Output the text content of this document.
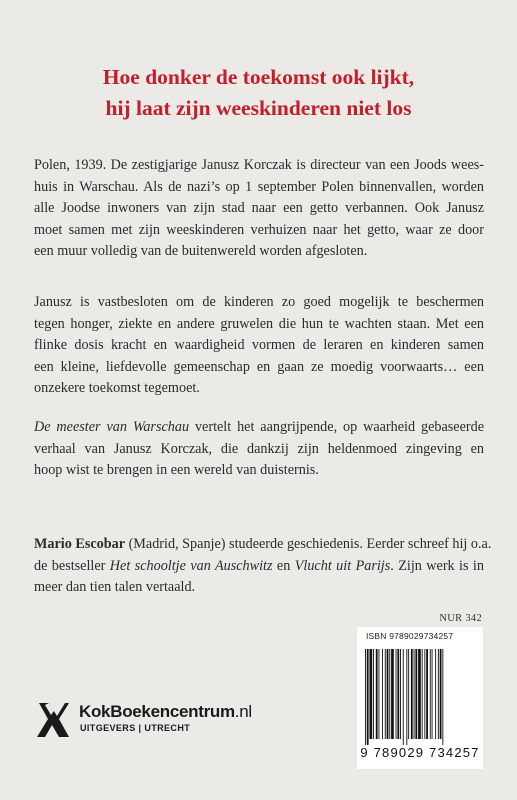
Hoe donker de toekomst ook lijkt,
hij laat zijn weeskinderen niet los
Polen, 1939. De zestigjarige Janusz Korczak is directeur van een Joods wees-
huis in Warschau. Als de nazi’s op 1 september Polen binnenvallen, worden
alle Joodse inwoners van zijn stad naar een getto verbannen. Ook Janusz
moet samen met zijn weeskinderen verhuizen naar het getto, waar ze door
een muur volledig van de buitenwereld worden afgesloten.
Janusz is vastbesloten om de kinderen zo goed mogelijk te beschermen
tegen honger, ziekte en andere gruwelen die hun te wachten staan. Met een
flinke dosis kracht en waardigheid vormen de leraren en kinderen samen
een kleine, liefdevolle gemeenschap en gaan ze moedig voorwaarts… een
onzekere toekomst tegemoet.
De meester van Warschau vertelt het aangrijpende, op waarheid gebaseerde
verhaal van Janusz Korczak, die dankzij zijn heldenmoed zingeving en
hoop wist te brengen in een wereld van duisternis.
Mario Escobar (Madrid, Spanje) studeerde geschiedenis. Eerder schreef hij o.a.
de bestseller Het schooltje van Auschwitz en Vlucht uit Parijs. Zijn werk is in
meer dan tien talen vertaald.
NUR 342
ISBN 9789029734257
9 789029 734257
KokBoekencentrum.nl
UITGEVERS | UTRECHT
